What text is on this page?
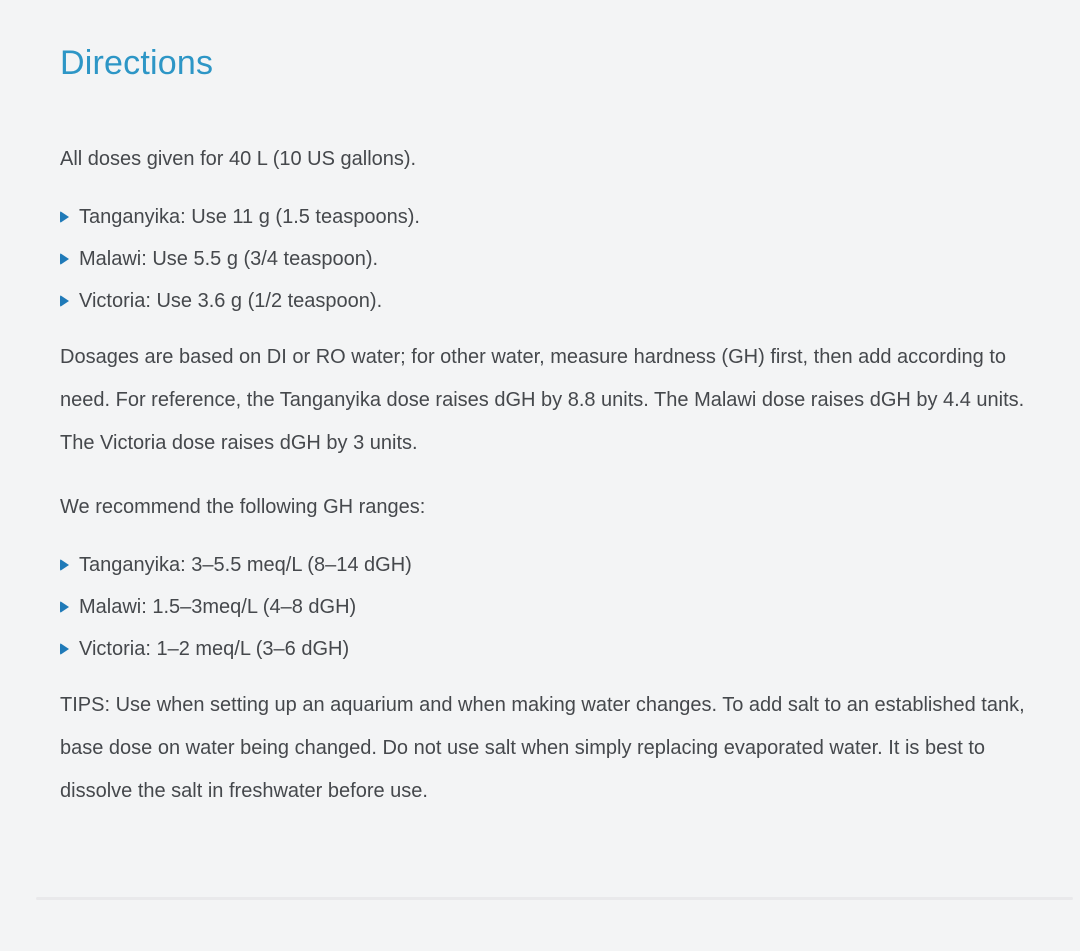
Directions

All doses given for 40 L (10 US gallons).

Tanganyika: Use 11 g (1.5 teaspoons).
Malawi: Use 5.5 g (3/4 teaspoon).
Victoria: Use 3.6 g (1/2 teaspoon).

Dosages are based on DI or RO water; for other water, measure hardness (GH) first, then add according to need. For reference, the Tanganyika dose raises dGH by 8.8 units. The Malawi dose raises dGH by 4.4 units. The Victoria dose raises dGH by 3 units.

We recommend the following GH ranges:

Tanganyika: 3–5.5 meq/L (8–14 dGH)
Malawi: 1.5–3meq/L (4–8 dGH)
Victoria: 1–2 meq/L (3–6 dGH)

TIPS: Use when setting up an aquarium and when making water changes. To add salt to an established tank, base dose on water being changed. Do not use salt when simply replacing evaporated water. It is best to dissolve the salt in freshwater before use.
